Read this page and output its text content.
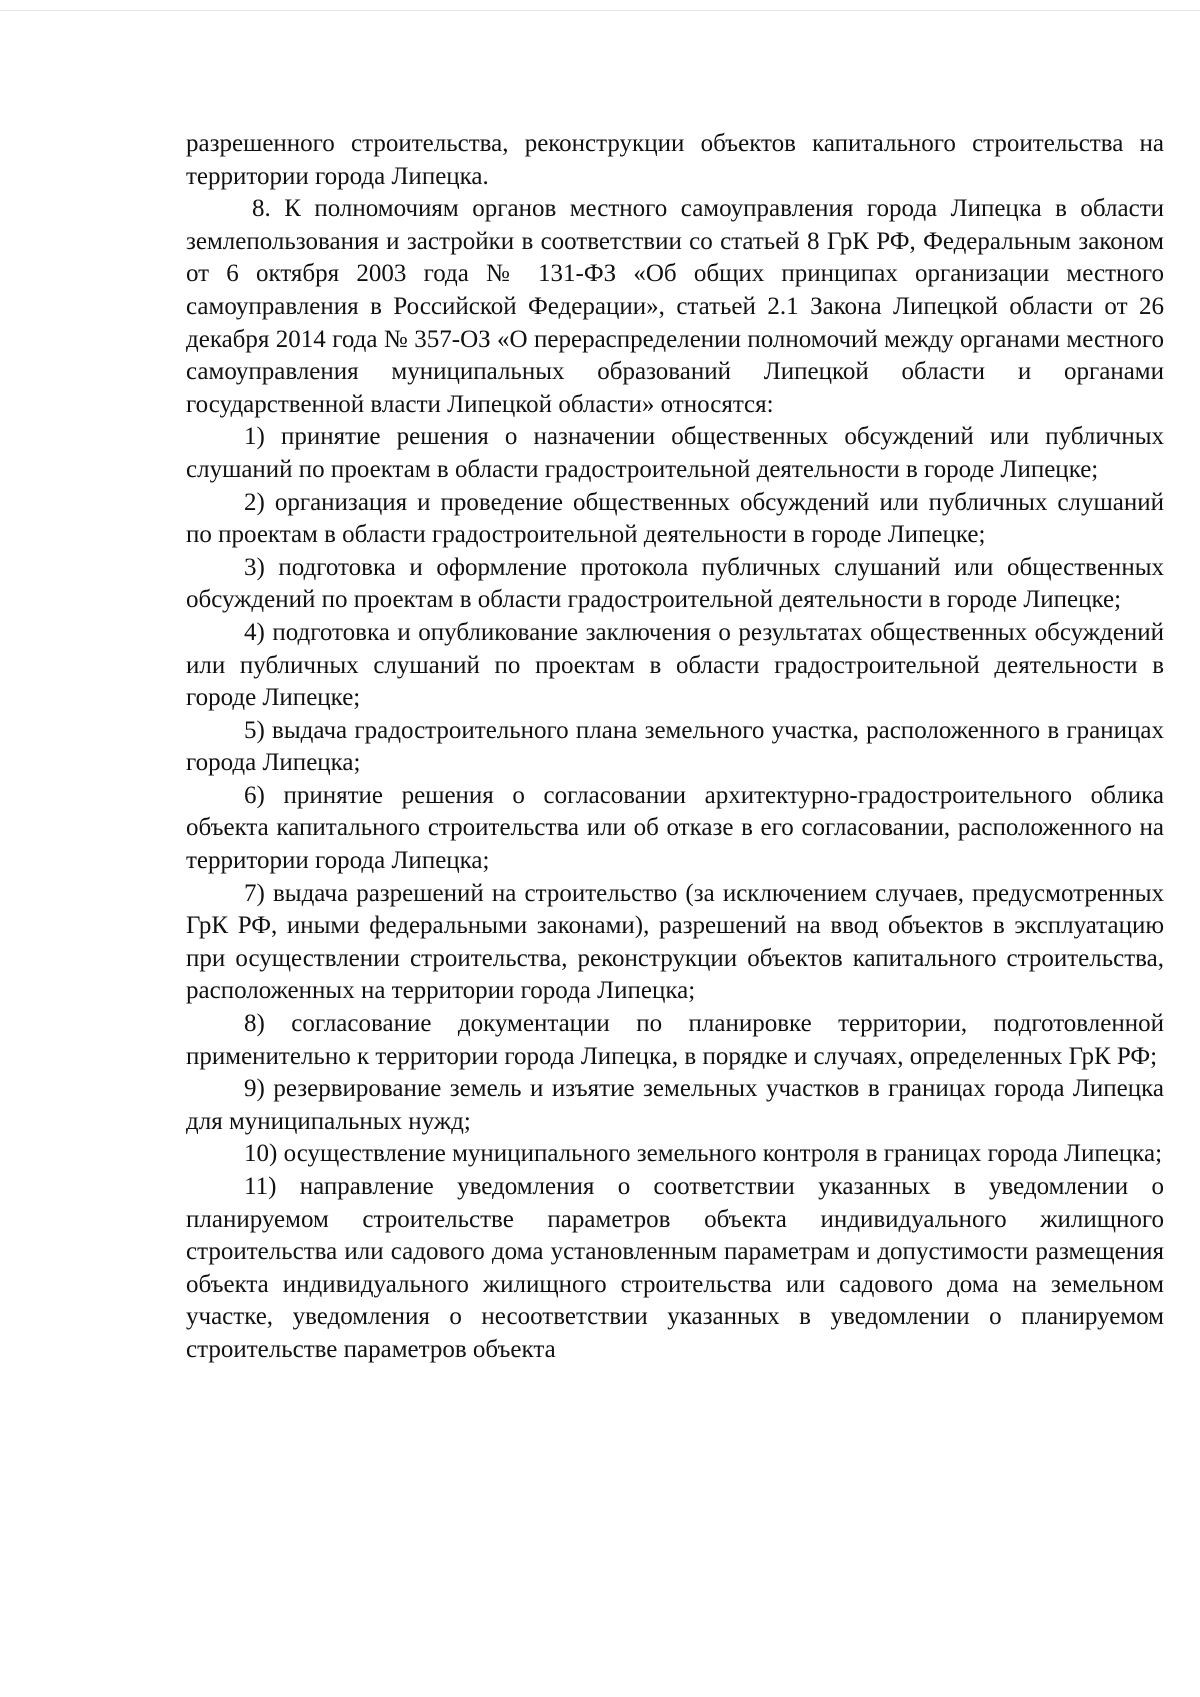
разрешенного строительства, реконструкции объектов капитального строительства на территории города Липецка.

8. К полномочиям органов местного самоуправления города Липецка в области землепользования и застройки в соответствии со статьей 8 ГрК РФ, Федеральным законом от 6 октября 2003 года № 131-ФЗ «Об общих принципах организации местного самоуправления в Российской Федерации», статьей 2.1 Закона Липецкой области от 26 декабря 2014 года № 357-ОЗ «О перераспределении полномочий между органами местного самоуправления муниципальных образований Липецкой области и органами государственной власти Липецкой области» относятся:

1) принятие решения о назначении общественных обсуждений или публичных слушаний по проектам в области градостроительной деятельности в городе Липецке;

2) организация и проведение общественных обсуждений или публичных слушаний по проектам в области градостроительной деятельности в городе Липецке;

3) подготовка и оформление протокола публичных слушаний или общественных обсуждений по проектам в области градостроительной деятельности в городе Липецке;

4) подготовка и опубликование заключения о результатах общественных обсуждений или публичных слушаний по проектам в области градостроительной деятельности в городе Липецке;

5) выдача градостроительного плана земельного участка, расположенного в границах города Липецка;

6) принятие решения о согласовании архитектурно-градостроительного облика объекта капитального строительства или об отказе в его согласовании, расположенного на территории города Липецка;

7) выдача разрешений на строительство (за исключением случаев, предусмотренных ГрК РФ, иными федеральными законами), разрешений на ввод объектов в эксплуатацию при осуществлении строительства, реконструкции объектов капитального строительства, расположенных на территории города Липецка;

8) согласование документации по планировке территории, подготовленной применительно к территории города Липецка, в порядке и случаях, определенных ГрК РФ;

9) резервирование земель и изъятие земельных участков в границах города Липецка для муниципальных нужд;

10) осуществление муниципального земельного контроля в границах города Липецка;

11) направление уведомления о соответствии указанных в уведомлении о планируемом строительстве параметров объекта индивидуального жилищного строительства или садового дома установленным параметрам и допустимости размещения объекта индивидуального жилищного строительства или садового дома на земельном участке, уведомления о несоответствии указанных в уведомлении о планируемом строительстве параметров объекта
